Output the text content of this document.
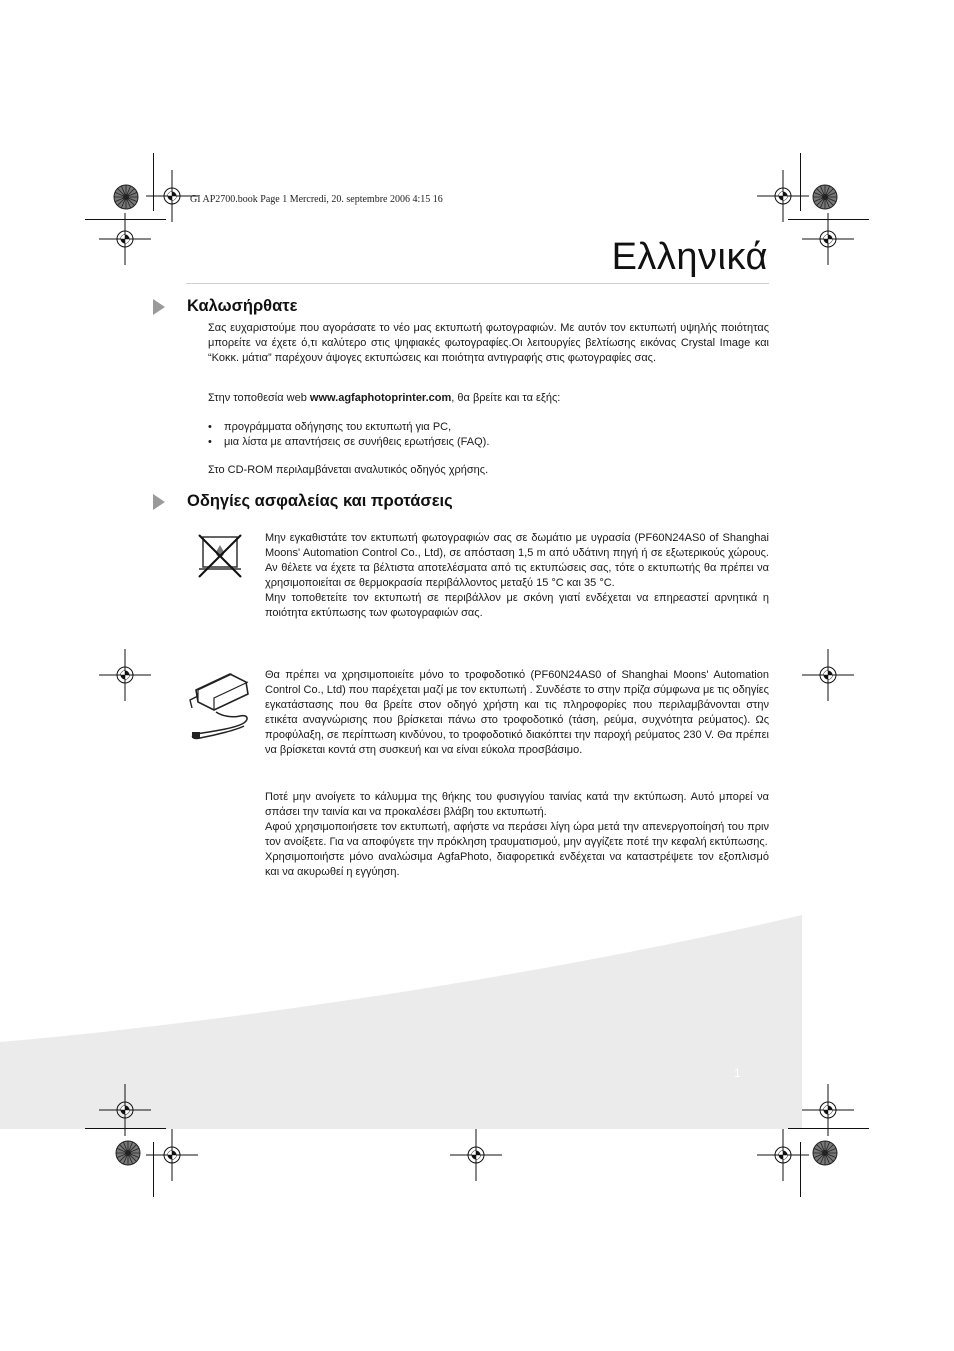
1
GI AP2700.book Page 1 Mercredi, 20. septembre 2006 4:15 16
Ελληνικά
Καλωσήρθατε

Σας ευχαριστούμε που αγοράσατε το νέο μας εκτυπωτή φωτογραφιών. Με αυτόν τον εκτυπωτή υψηλής ποιότητας μπορείτε να έχετε ό,τι καλύτερο στις ψηφιακές φωτογραφίες.Οι λειτουργίες βελτίωσης εικόνας Crystal Image και “Κοκκ. μάτια” παρέχουν άψογες εκτυπώσεις και ποιότητα αντιγραφής στις φωτογραφίες σας.

Στην τοποθεσία web www.agfaphotoprinter.com, θα βρείτε και τα εξής:
• προγράμματα οδήγησης του εκτυπωτή για PC,
• μια λίστα με απαντήσεις σε συνήθεις ερωτήσεις (FAQ).
Στο CD-ROM περιλαμβάνεται αναλυτικός οδηγός χρήσης.
Οδηγίες ασφαλείας και προτάσεις

Μην εγκαθιστάτε τον εκτυπωτή φωτογραφιών σας σε δωμάτιο με υγρασία (PF60N24AS0 of Shanghai Moons' Automation Control Co., Ltd), σε απόσταση 1,5 m από υδάτινη πηγή ή σε εξωτερικούς χώρους. Αν θέλετε να έχετε τα βέλτιστα αποτελέσματα από τις εκτυπώσεις σας, τότε ο εκτυπωτής θα πρέπει να χρησιμοποιείται σε θερμοκρασία περιβάλλοντος μεταξύ 15 °C και 35 °C.

Μην τοποθετείτε τον εκτυπωτή σε περιβάλλον με σκόνη γιατί ενδέχεται να επηρεαστεί αρνητικά η ποιότητα εκτύπωσης των φωτογραφιών σας.

Θα πρέπει να χρησιμοποιείτε μόνο το τροφοδοτικό (PF60N24AS0 of Shanghai Moons' Automation Control Co., Ltd) που παρέχεται μαζί με τον εκτυπωτή . Συνδέστε το στην πρίζα σύμφωνα με τις οδηγίες εγκατάστασης που θα βρείτε στον οδηγό χρήστη και τις πληροφορίες που περιλαμβάνονται στην ετικέτα αναγνώρισης που βρίσκεται πάνω στο τροφοδοτικό (τάση, ρεύμα, συχνότητα ρεύματος). Ως προφύλαξη, σε περίπτωση κινδύνου, το τροφοδοτικό διακόπτει την παροχή ρεύματος 230 V. Θα πρέπει να βρίσκεται κοντά στη συσκευή και να είναι εύκολα προσβάσιμο.

Ποτέ μην ανοίγετε το κάλυμμα της θήκης του φυσιγγίου ταινίας κατά την εκτύπωση. Αυτό μπορεί να σπάσει την ταινία και να προκαλέσει βλάβη του εκτυπωτή.

Αφού χρησιμοποιήσετε τον εκτυπωτή, αφήστε να περάσει λίγη ώρα μετά την απενεργοποίησή του πριν τον ανοίξετε. Για να αποφύγετε την πρόκληση τραυματισμού, μην αγγίζετε ποτέ την κεφαλή εκτύπωσης.

Χρησιμοποιήστε μόνο αναλώσιμα AgfaPhoto, διαφορετικά ενδέχεται να καταστρέψετε τον εξοπλισμό και να ακυρωθεί η εγγύηση.
